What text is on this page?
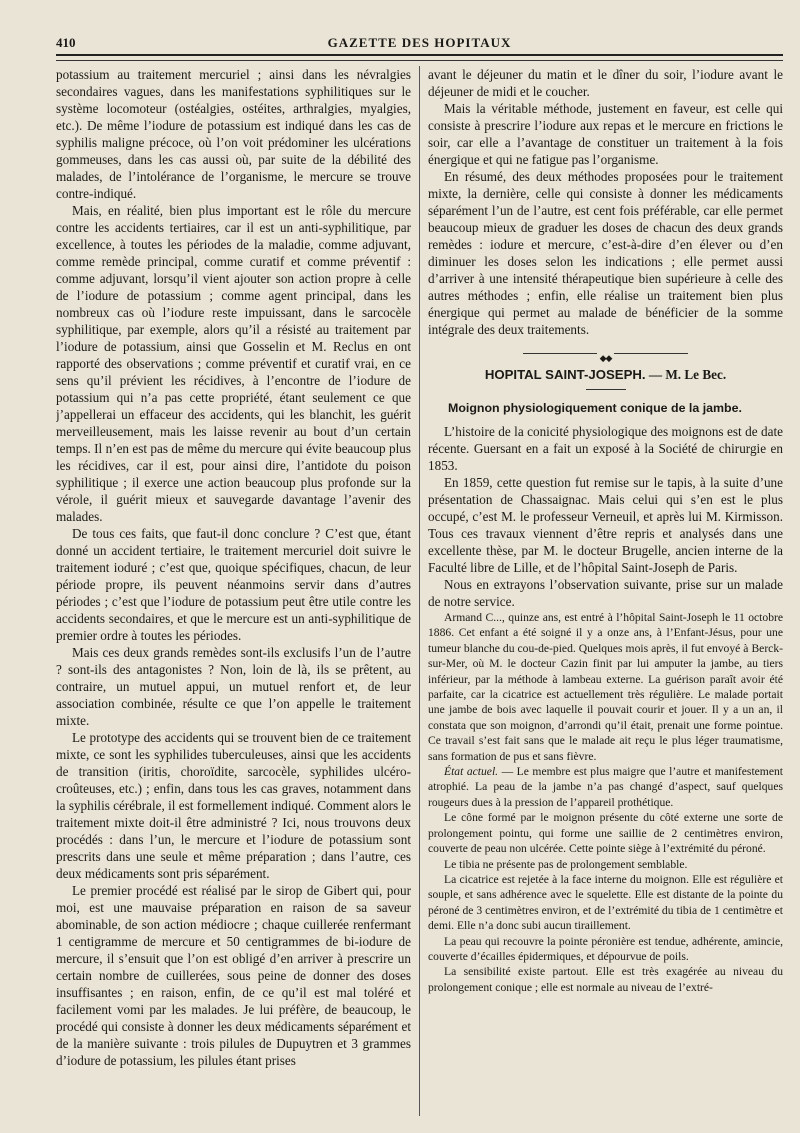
410	GAZETTE DES HOPITAUX

potassium au traitement mercuriel ; ainsi dans les névralgies secondaires vagues, dans les manifestations syphilitiques sur le système locomoteur (ostéalgies, ostéites, arthralgies, myalgies, etc.). De même l’iodure de potassium est indiqué dans les cas de syphilis maligne précoce, où l’on voit prédominer les ulcérations gommeuses, dans les cas aussi où, par suite de la débilité des malades, de l’intolérance de l’organisme, le mercure se trouve contre-indiqué.

Mais, en réalité, bien plus important est le rôle du mercure contre les accidents tertiaires, car il est un anti-syphilitique, par excellence, à toutes les périodes de la maladie, comme adjuvant, comme remède principal, comme curatif et comme préventif : comme adjuvant, lorsqu’il vient ajouter son action propre à celle de l’iodure de potassium ; comme agent principal, dans les nombreux cas où l’iodure reste impuissant, dans le sarcocèle syphilitique, par exemple, alors qu’il a résisté au traitement par l’iodure de potassium, ainsi que Gosselin et M. Reclus en ont rapporté des observations ; comme préventif et curatif vrai, en ce sens qu’il prévient les récidives, à l’encontre de l’iodure de potassium qui n’a pas cette propriété, étant seulement ce que j’appellerai un effaceur des accidents, qui les blanchit, les guérit merveilleusement, mais les laisse revenir au bout d’un certain temps. Il n’en est pas de même du mercure qui évite beaucoup plus les récidives, car il est, pour ainsi dire, l’antidote du poison syphilitique ; il exerce une action beaucoup plus profonde sur la vérole, il guérit mieux et sauvegarde davantage l’avenir des malades.

De tous ces faits, que faut-il donc conclure ? C’est que, étant donné un accident tertiaire, le traitement mercuriel doit suivre le traitement ioduré ; c’est que, quoique spécifiques, chacun, de leur période propre, ils peuvent néanmoins servir dans d’autres périodes ; c’est que l’iodure de potassium peut être utile contre les accidents secondaires, et que le mercure est un anti-syphilitique de premier ordre à toutes les périodes.

Mais ces deux grands remèdes sont-ils exclusifs l’un de l’autre ? sont-ils des antagonistes ? Non, loin de là, ils se prêtent, au contraire, un mutuel appui, un mutuel renfort et, de leur association combinée, résulte ce que l’on appelle le traitement mixte.

Le prototype des accidents qui se trouvent bien de ce traitement mixte, ce sont les syphilides tuberculeuses, ainsi que les accidents de transition (iritis, choroïdite, sarcocèle, syphilides ulcéro-croûteuses, etc.) ; enfin, dans tous les cas graves, notamment dans la syphilis cérébrale, il est formellement indiqué. Comment alors le traitement mixte doit-il être administré ? Ici, nous trouvons deux procédés : dans l’un, le mercure et l’iodure de potassium sont prescrits dans une seule et même préparation ; dans l’autre, ces deux médicaments sont pris séparément.

Le premier procédé est réalisé par le sirop de Gibert qui, pour moi, est une mauvaise préparation en raison de sa saveur abominable, de son action médiocre ; chaque cuillerée renfermant 1 centigramme de mercure et 50 centigrammes de bi-iodure de mercure, il s’ensuit que l’on est obligé d’en arriver à prescrire un certain nombre de cuillerées, sous peine de donner des doses insuffisantes ; en raison, enfin, de ce qu’il est mal toléré et facilement vomi par les malades. Je lui préfère, de beaucoup, le procédé qui consiste à donner les deux médicaments séparément et de la manière suivante : trois pilules de Dupuytren et 3 grammes d’iodure de potassium, les pilules étant prises

avant le déjeuner du matin et le dîner du soir, l’iodure avant le déjeuner de midi et le coucher.

Mais la véritable méthode, justement en faveur, est celle qui consiste à prescrire l’iodure aux repas et le mercure en frictions le soir, car elle a l’avantage de constituer un traitement à la fois énergique et qui ne fatigue pas l’organisme.

En résumé, des deux méthodes proposées pour le traitement mixte, la dernière, celle qui consiste à donner les médicaments séparément l’un de l’autre, est cent fois préférable, car elle permet beaucoup mieux de graduer les doses de chacun des deux grands remèdes : iodure et mercure, c’est-à-dire d’en élever ou d’en diminuer les doses selon les indications ; elle permet aussi d’arriver à une intensité thérapeutique bien supérieure à celle des autres méthodes ; enfin, elle réalise un traitement bien plus énergique qui permet au malade de bénéficier de la somme intégrale des deux traitements.

◆◆
HOPITAL SAINT-JOSEPH. — M. Le Bec.
Moignon physiologiquement conique de la jambe.

L’histoire de la conicité physiologique des moignons est de date récente. Guersant en a fait un exposé à la Société de chirurgie en 1853.

En 1859, cette question fut remise sur le tapis, à la suite d’une présentation de Chassaignac. Mais celui qui s’en est le plus occupé, c’est M. le professeur Verneuil, et après lui M. Kirmisson. Tous ces travaux viennent d’être repris et analysés dans une excellente thèse, par M. le docteur Brugelle, ancien interne de la Faculté libre de Lille, et de l’hôpital Saint-Joseph de Paris.

Nous en extrayons l’observation suivante, prise sur un malade de notre service.

Armand C..., quinze ans, est entré à l’hôpital Saint-Joseph le 11 octobre 1886. Cet enfant a été soigné il y a onze ans, à l’Enfant-Jésus, pour une tumeur blanche du cou-de-pied. Quelques mois après, il fut envoyé à Berck-sur-Mer, où M. le docteur Cazin finit par lui amputer la jambe, au tiers inférieur, par la méthode à lambeau externe. La guérison paraît avoir été parfaite, car la cicatrice est actuellement très régulière. Le malade portait une jambe de bois avec laquelle il pouvait courir et jouer. Il y a un an, il constata que son moignon, d’arrondi qu’il était, prenait une forme pointue. Ce travail s’est fait sans que le malade ait reçu le plus léger traumatisme, sans formation de pus et sans fièvre.

État actuel. — Le membre est plus maigre que l’autre et manifestement atrophié. La peau de la jambe n’a pas changé d’aspect, sauf quelques rougeurs dues à la pression de l’appareil prothétique.

Le cône formé par le moignon présente du côté externe une sorte de prolongement pointu, qui forme une saillie de 2 centimètres environ, couverte de peau non ulcérée. Cette pointe siège à l’extrémité du péroné.

Le tibia ne présente pas de prolongement semblable.

La cicatrice est rejetée à la face interne du moignon. Elle est régulière et souple, et sans adhérence avec le squelette. Elle est distante de la pointe du péroné de 3 centimètres environ, et de l’extrémité du tibia de 1 centimètre et demi. Elle n’a donc subi aucun tiraillement.

La peau qui recouvre la pointe péronière est tendue, adhérente, amincie, couverte d’écailles épidermiques, et dépourvue de poils.

La sensibilité existe partout. Elle est très exagérée au niveau du prolongement conique ; elle est normale au niveau de l’extré-
